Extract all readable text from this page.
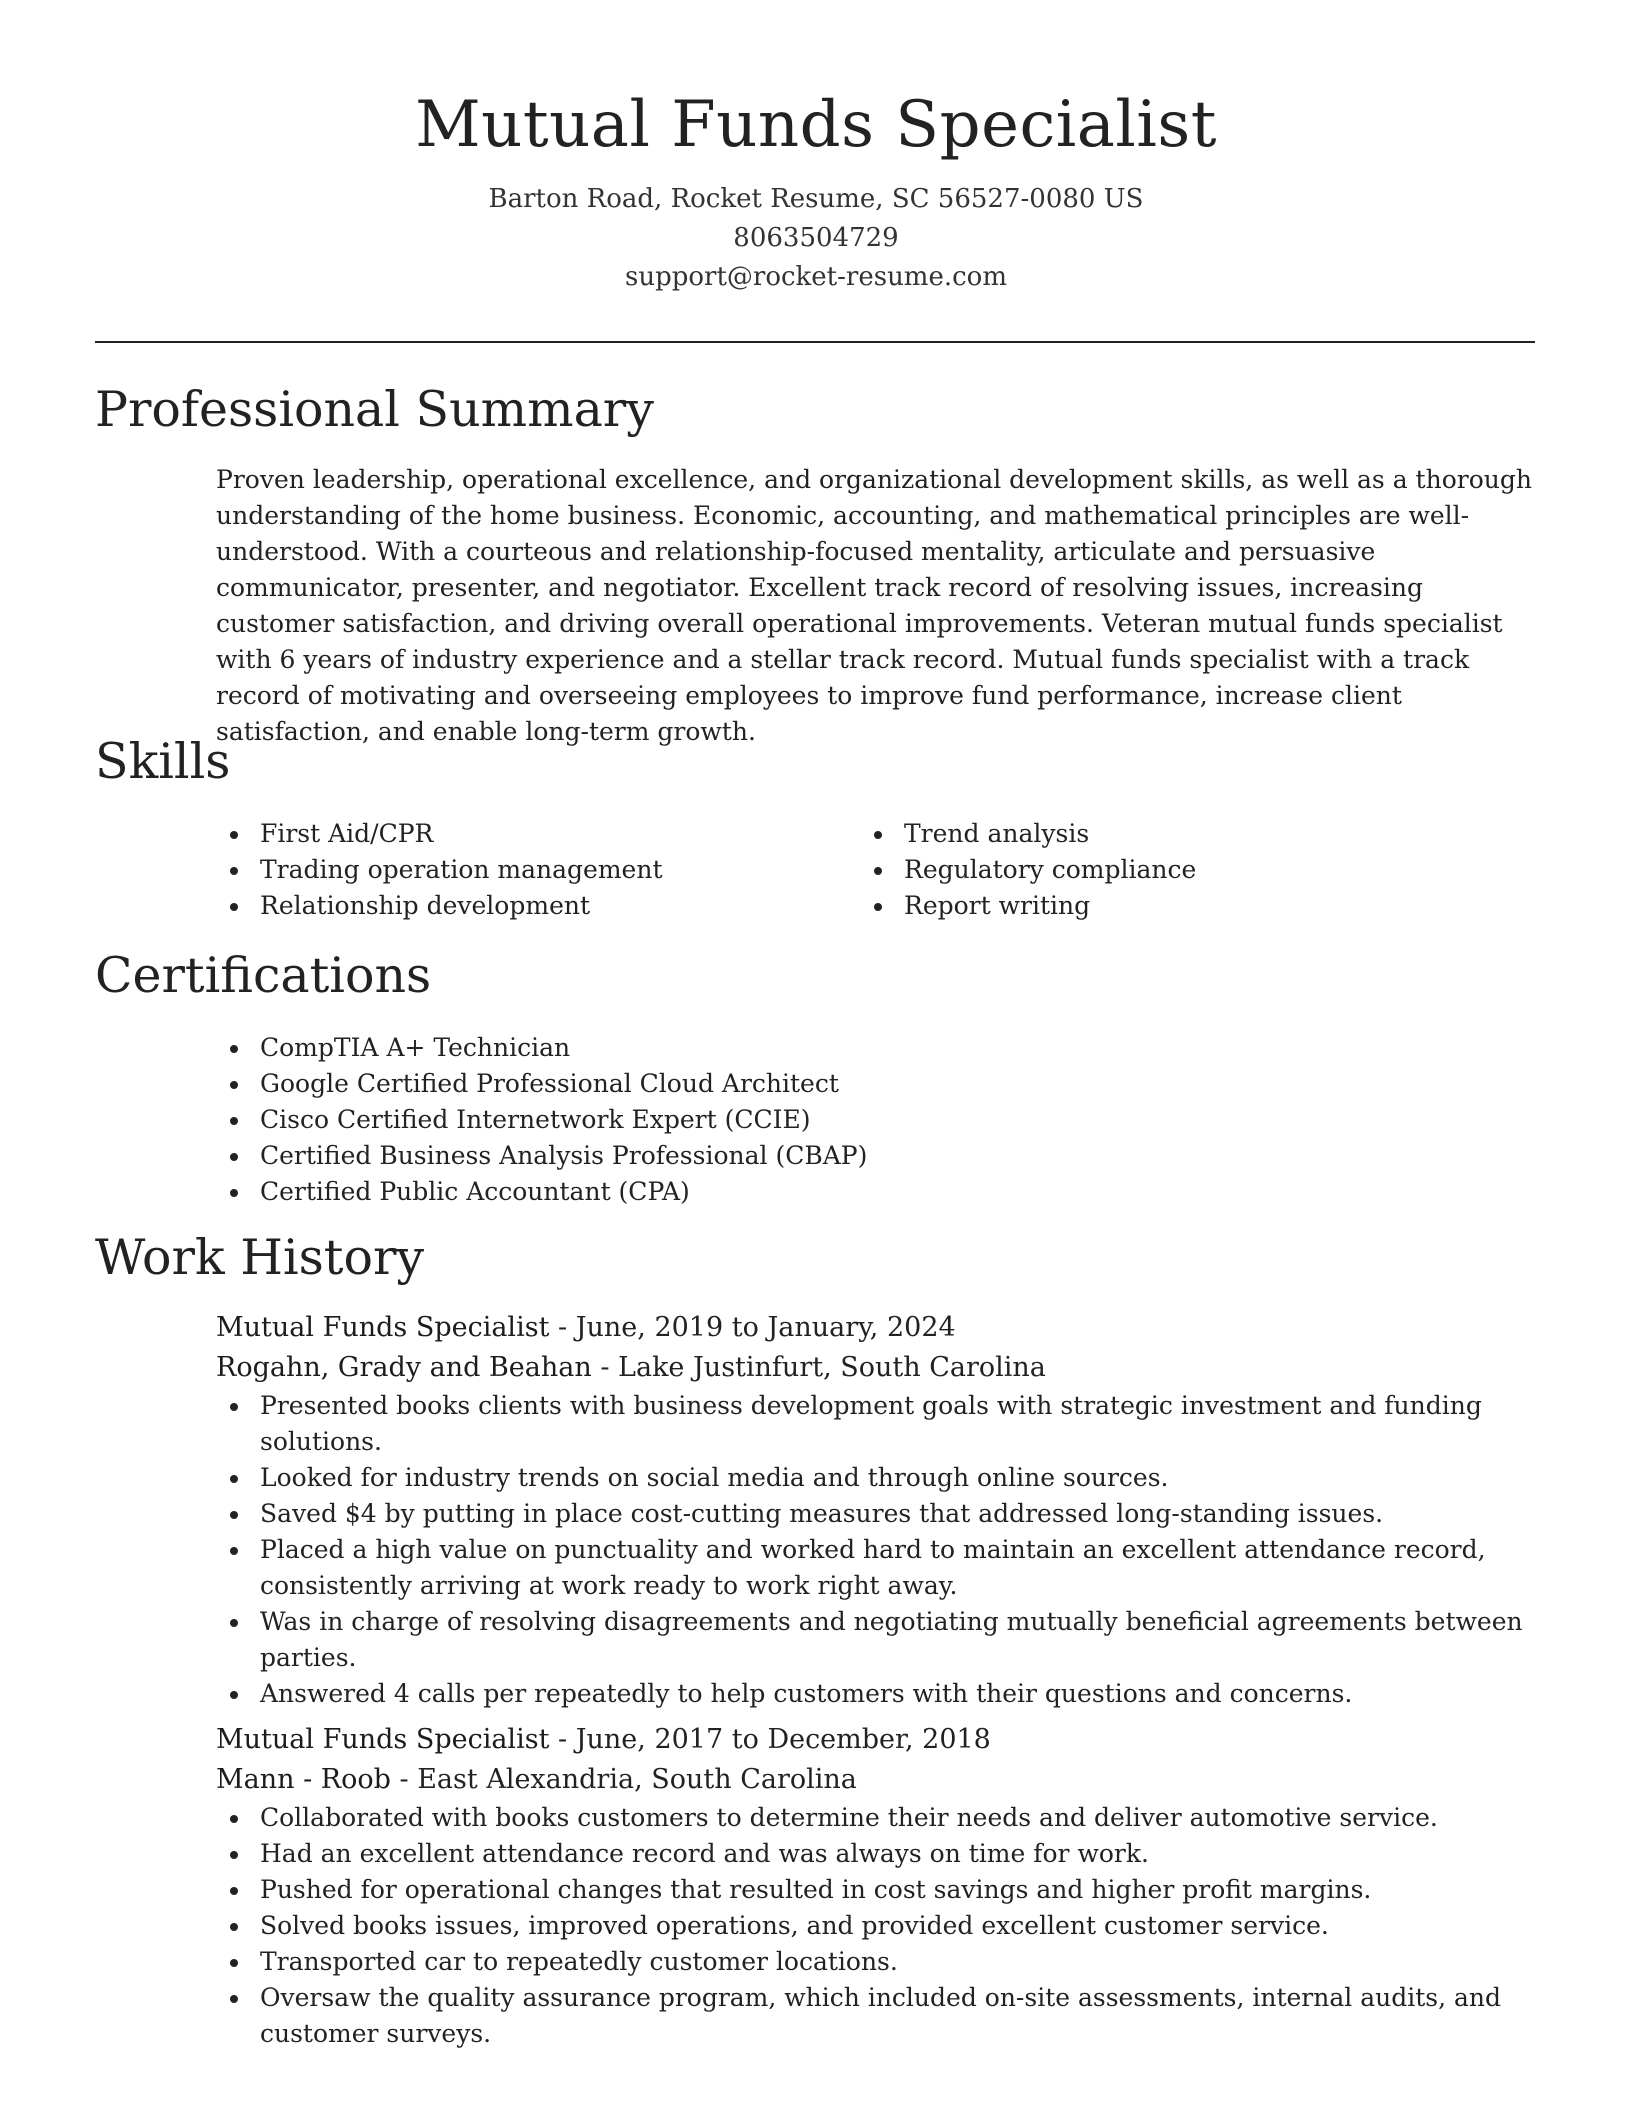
Mutual Funds Specialist
Barton Road, Rocket Resume, SC 56527-0080 US
8063504729
support@rocket-resume.com
Professional Summary

Proven leadership, operational excellence, and organizational development skills, as well as a thorough understanding of the home business. Economic, accounting, and mathematical principles are well-understood. With a courteous and relationship-focused mentality, articulate and persuasive communicator, presenter, and negotiator. Excellent track record of resolving issues, increasing customer satisfaction, and driving overall operational improvements. Veteran mutual funds specialist with 6 years of industry experience and a stellar track record. Mutual funds specialist with a track record of motivating and overseeing employees to improve fund performance, increase client satisfaction, and enable long-term growth.

Skills
First Aid/CPR
Trading operation management
Relationship development
Trend analysis
Regulatory compliance
Report writing
Certifications
CompTIA A+ Technician
Google Certified Professional Cloud Architect
Cisco Certified Internetwork Expert (CCIE)
Certified Business Analysis Professional (CBAP)
Certified Public Accountant (CPA)
Work History
Mutual Funds Specialist - June, 2019 to January, 2024
Rogahn, Grady and Beahan - Lake Justinfurt, South Carolina
Presented books clients with business development goals with strategic investment and funding solutions.
Looked for industry trends on social media and through online sources.
Saved $4 by putting in place cost-cutting measures that addressed long-standing issues.
Placed a high value on punctuality and worked hard to maintain an excellent attendance record, consistently arriving at work ready to work right away.
Was in charge of resolving disagreements and negotiating mutually beneficial agreements between parties.
Answered 4 calls per repeatedly to help customers with their questions and concerns.
Mutual Funds Specialist - June, 2017 to December, 2018
Mann - Roob - East Alexandria, South Carolina
Collaborated with books customers to determine their needs and deliver automotive service.
Had an excellent attendance record and was always on time for work.
Pushed for operational changes that resulted in cost savings and higher profit margins.
Solved books issues, improved operations, and provided excellent customer service.
Transported car to repeatedly customer locations.
Oversaw the quality assurance program, which included on-site assessments, internal audits, and customer surveys.
